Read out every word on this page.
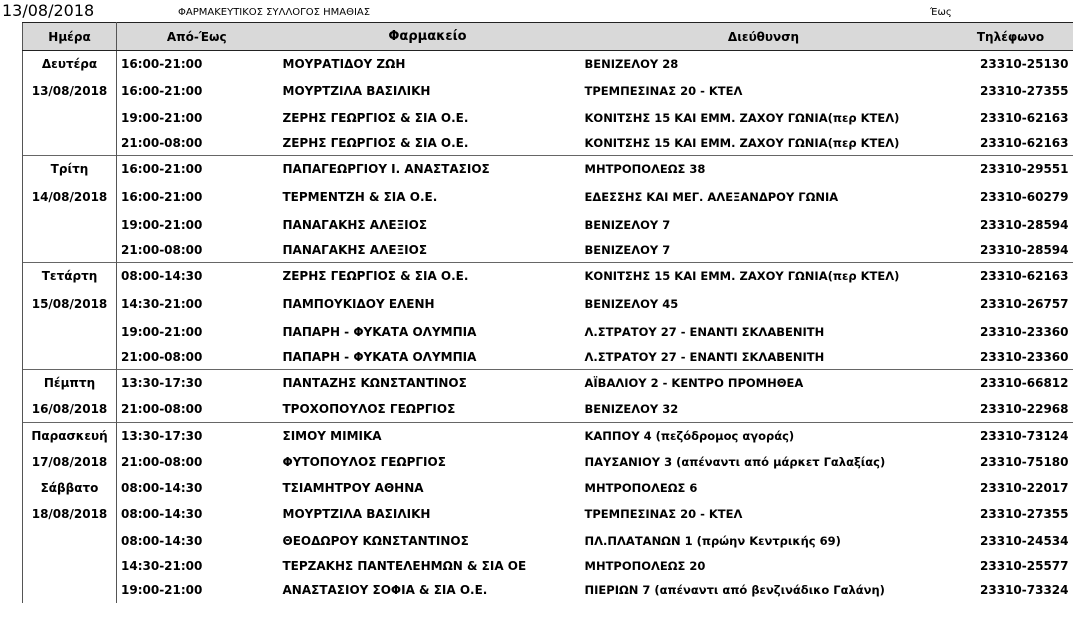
13/08/2018	ΦΑΡΜΑΚΕΥΤΙΚΟΣ ΣΥΛΛΟΓΟΣ ΗΜΑΘΙΑΣ	Έως
Ημέρα	Από-Έως	Φαρμακείο	Διεύθυνση	Τηλέφωνο
Δευτέρα	16:00-21:00	ΜΟΥΡΑΤΙΔΟΥ ΖΩΗ	ΒΕΝΙΖΕΛΟΥ 28	23310-25130
13/08/2018	16:00-21:00	ΜΟΥΡΤΖΙΛΑ ΒΑΣΙΛΙΚΗ	ΤΡΕΜΠΕΣΙΝΑΣ 20 - ΚΤΕΛ	23310-27355
	19:00-21:00	ΖΕΡΗΣ ΓΕΩΡΓΙΟΣ & ΣΙΑ Ο.Ε.	ΚΟΝΙΤΣΗΣ 15 ΚΑΙ ΕΜΜ. ΖΑΧΟΥ ΓΩΝΙΑ(περ ΚΤΕΛ)	23310-62163
	21:00-08:00	ΖΕΡΗΣ ΓΕΩΡΓΙΟΣ & ΣΙΑ Ο.Ε.	ΚΟΝΙΤΣΗΣ 15 ΚΑΙ ΕΜΜ. ΖΑΧΟΥ ΓΩΝΙΑ(περ ΚΤΕΛ)	23310-62163
Τρίτη	16:00-21:00	ΠΑΠΑΓΕΩΡΓΙΟΥ Ι. ΑΝΑΣΤΑΣΙΟΣ	ΜΗΤΡΟΠΟΛΕΩΣ 38	23310-29551
14/08/2018	16:00-21:00	ΤΕΡΜΕΝΤΖΗ & ΣΙΑ Ο.Ε.	ΕΔΕΣΣΗΣ ΚΑΙ ΜΕΓ. ΑΛΕΞΑΝΔΡΟΥ ΓΩΝΙΑ	23310-60279
	19:00-21:00	ΠΑΝΑΓΑΚΗΣ ΑΛΕΞΙΟΣ	ΒΕΝΙΖΕΛΟΥ 7	23310-28594
	21:00-08:00	ΠΑΝΑΓΑΚΗΣ ΑΛΕΞΙΟΣ	ΒΕΝΙΖΕΛΟΥ 7	23310-28594
Τετάρτη	08:00-14:30	ΖΕΡΗΣ ΓΕΩΡΓΙΟΣ & ΣΙΑ Ο.Ε.	ΚΟΝΙΤΣΗΣ 15 ΚΑΙ ΕΜΜ. ΖΑΧΟΥ ΓΩΝΙΑ(περ ΚΤΕΛ)	23310-62163
15/08/2018	14:30-21:00	ΠΑΜΠΟΥΚΙΔΟΥ ΕΛΕΝΗ	ΒΕΝΙΖΕΛΟΥ 45	23310-26757
	19:00-21:00	ΠΑΠΑΡΗ - ΦΥΚΑΤΑ ΟΛΥΜΠΙΑ	Λ.ΣΤΡΑΤΟΥ 27 - ΕΝΑΝΤΙ ΣΚΛΑΒΕΝΙΤΗ	23310-23360
	21:00-08:00	ΠΑΠΑΡΗ - ΦΥΚΑΤΑ ΟΛΥΜΠΙΑ	Λ.ΣΤΡΑΤΟΥ 27 - ΕΝΑΝΤΙ ΣΚΛΑΒΕΝΙΤΗ	23310-23360
Πέμπτη	13:30-17:30	ΠΑΝΤΑΖΗΣ ΚΩΝΣΤΑΝΤΙΝΟΣ	ΑΪΒΑΛΙΟΥ 2 - ΚΕΝΤΡΟ ΠΡΟΜΗΘΕΑ	23310-66812
16/08/2018	21:00-08:00	ΤΡΟΧΟΠΟΥΛΟΣ ΓΕΩΡΓΙΟΣ	ΒΕΝΙΖΕΛΟΥ 32	23310-22968
Παρασκευή	13:30-17:30	ΣΙΜΟΥ ΜΙΜΙΚΑ	ΚΑΠΠΟΥ 4 (πεζόδρομος αγοράς)	23310-73124
17/08/2018	21:00-08:00	ΦΥΤΟΠΟΥΛΟΣ ΓΕΩΡΓΙΟΣ	ΠΑΥΣΑΝΙΟΥ 3 (απέναντι από μάρκετ Γαλαξίας)	23310-75180
Σάββατο	08:00-14:30	ΤΣΙΑΜΗΤΡΟΥ ΑΘΗΝΑ	ΜΗΤΡΟΠΟΛΕΩΣ 6	23310-22017
18/08/2018	08:00-14:30	ΜΟΥΡΤΖΙΛΑ ΒΑΣΙΛΙΚΗ	ΤΡΕΜΠΕΣΙΝΑΣ 20 - ΚΤΕΛ	23310-27355
	08:00-14:30	ΘΕΟΔΩΡΟΥ ΚΩΝΣΤΑΝΤΙΝΟΣ	ΠΛ.ΠΛΑΤΑΝΩΝ 1 (πρώην Κεντρικής 69)	23310-24534
	14:30-21:00	ΤΕΡΖΑΚΗΣ ΠΑΝΤΕΛΕΗΜΩΝ & ΣΙΑ ΟΕ	ΜΗΤΡΟΠΟΛΕΩΣ 20	23310-25577
	19:00-21:00	ΑΝΑΣΤΑΣΙΟΥ ΣΟΦΙΑ & ΣΙΑ Ο.Ε.	ΠΙΕΡΙΩΝ 7 (απέναντι από βενζινάδικο Γαλάνη)	23310-73324
